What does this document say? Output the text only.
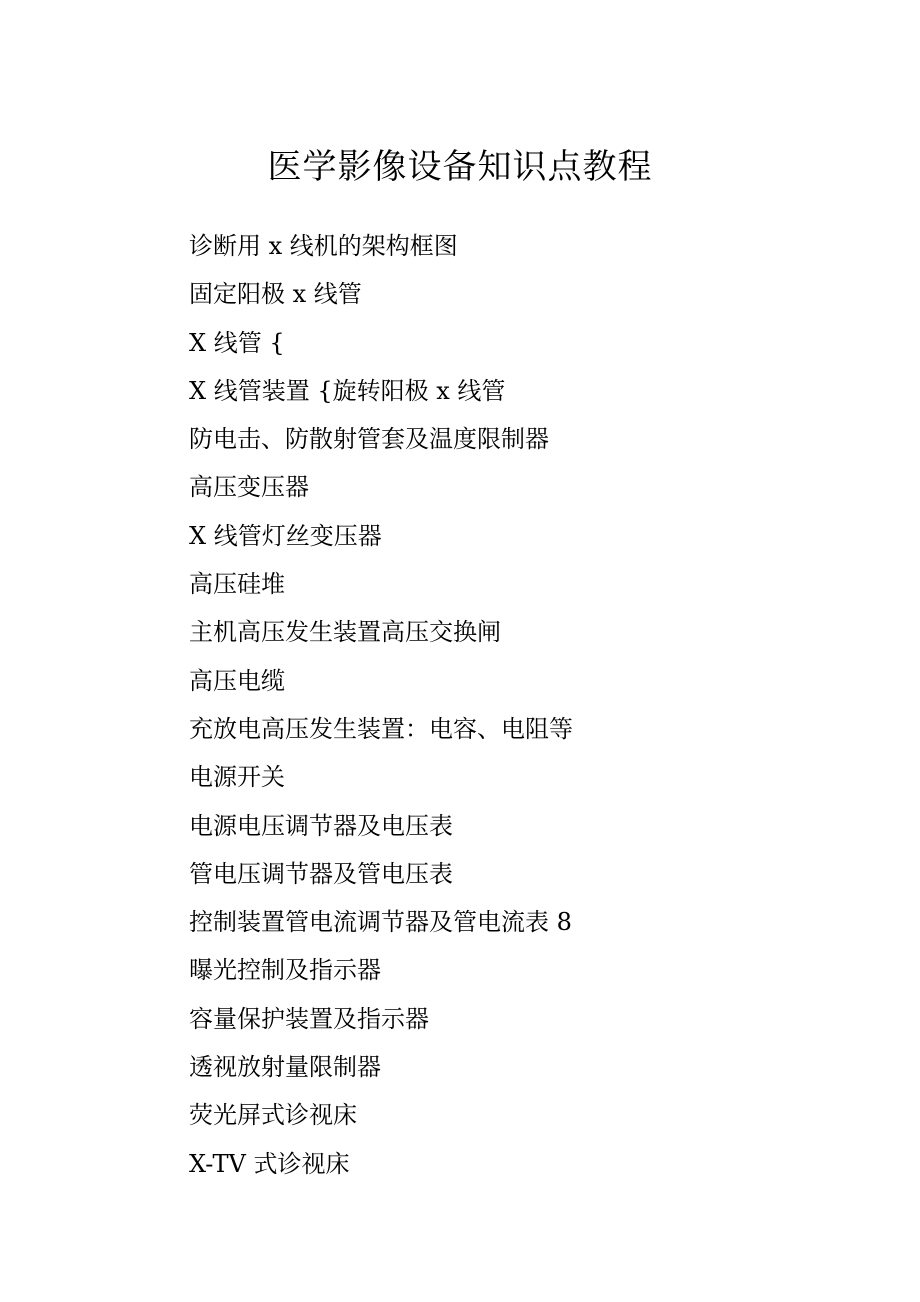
医学影像设备知识点教程
诊断用 x 线机的架构框图
固定阳极 x 线管
X 线管 {
X 线管装置 {旋转阳极 x 线管
防电击、防散射管套及温度限制器
高压变压器
X 线管灯丝变压器
高压硅堆
主机高压发生装置高压交换闸
高压电缆
充放电高压发生装置：电容、电阻等
电源开关
电源电压调节器及电压表
管电压调节器及管电压表
控制装置管电流调节器及管电流表 8
曝光控制及指示器
容量保护装置及指示器
透视放射量限制器
荧光屏式诊视床
X-TV 式诊视床
